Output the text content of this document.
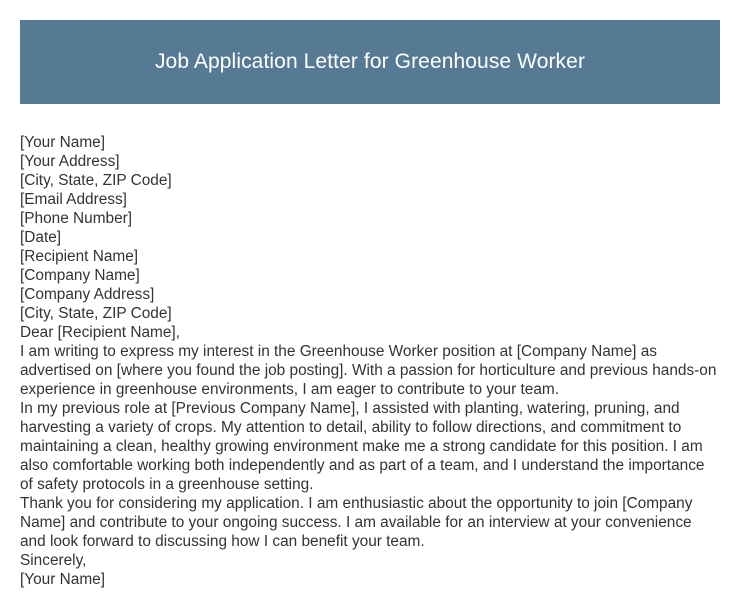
Job Application Letter for Greenhouse Worker
[Your Name]
[Your Address]
[City, State, ZIP Code]
[Email Address]
[Phone Number]
[Date]
[Recipient Name]
[Company Name]
[Company Address]
[City, State, ZIP Code]
Dear [Recipient Name],
I am writing to express my interest in the Greenhouse Worker position at [Company Name] as advertised on [where you found the job posting]. With a passion for horticulture and previous hands-on experience in greenhouse environments, I am eager to contribute to your team.
In my previous role at [Previous Company Name], I assisted with planting, watering, pruning, and harvesting a variety of crops. My attention to detail, ability to follow directions, and commitment to maintaining a clean, healthy growing environment make me a strong candidate for this position. I am also comfortable working both independently and as part of a team, and I understand the importance of safety protocols in a greenhouse setting.
Thank you for considering my application. I am enthusiastic about the opportunity to join [Company Name] and contribute to your ongoing success. I am available for an interview at your convenience and look forward to discussing how I can benefit your team.
Sincerely,
[Your Name]
